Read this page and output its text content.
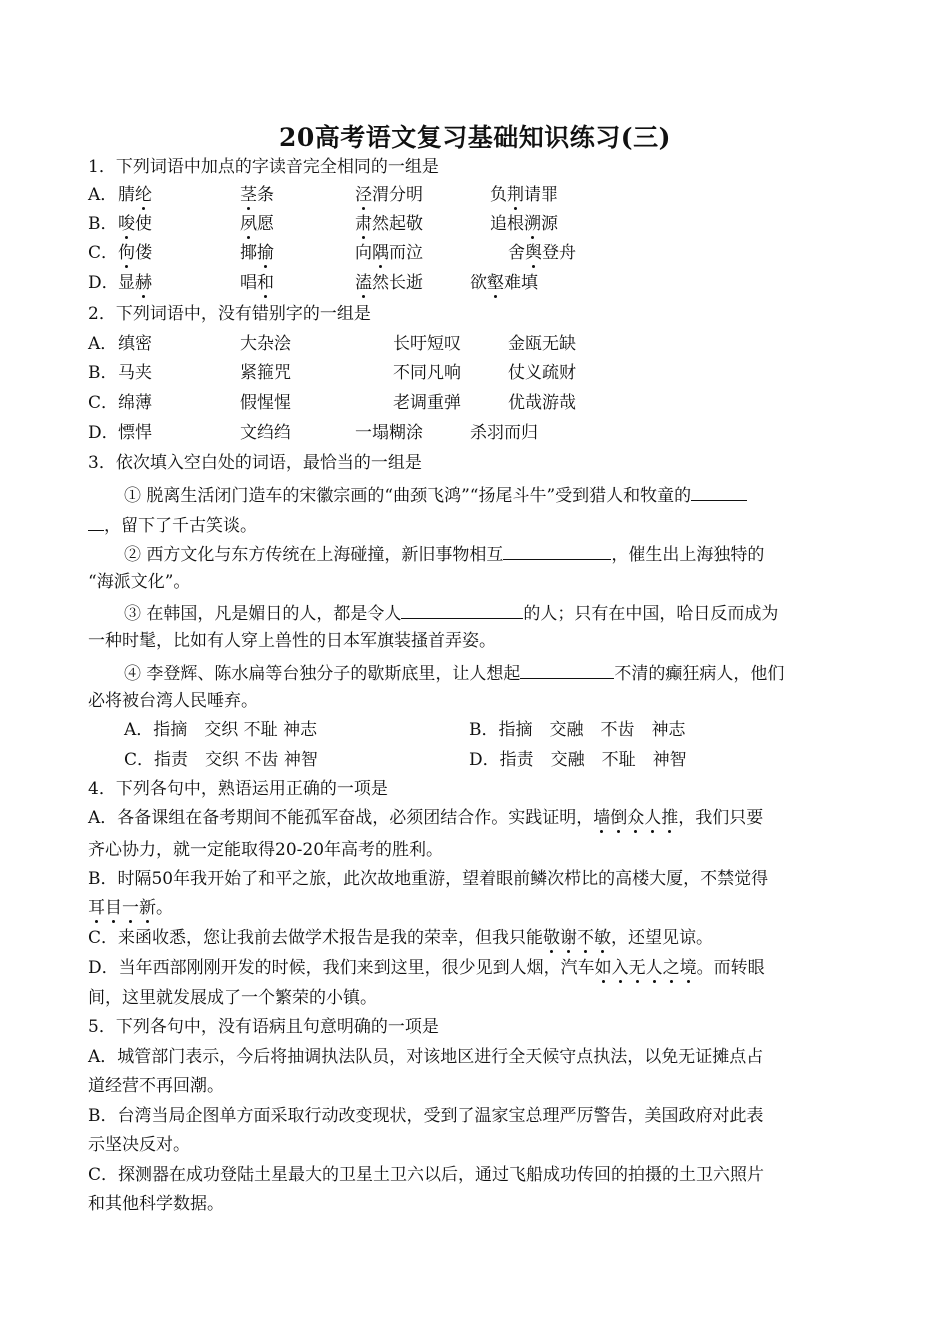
20高考语文复习基础知识练习(三)
1．下列词语中加点的字读音完全相同的一组是
A． 腈纶	茎条	泾渭分明	负荆请罪
B． 唆使	夙愿	肃然起敬	追根溯源
C． 佝偻	揶揄	向隅而泣	舍舆登舟
D． 显赫	唱和	溘然长逝	欲壑难填
2．下列词语中，没有错别字的一组是
A． 缜密	大杂浍	长吁短叹	金瓯无缺
B． 马夹	紧箍咒	不同凡响	仗义疏财
C． 绵薄	假惺惺	老调重弹	优哉游哉
D． 慓悍	文绉绉	一塌糊涂	杀羽而归
3．依次填入空白处的词语，最恰当的一组是
① 脱离生活闭门造车的宋徽宗画的“曲颈飞鸿”“扬尾斗牛”受到猎人和牧童的
，留下了千古笑谈。
② 西方文化与东方传统在上海碰撞，新旧事物相互	，催生出上海独特的
“海派文化”。
③ 在韩国，凡是媚日的人，都是令人	的人；只有在中国，哈日反而成为
一种时髦，比如有人穿上兽性的日本军旗装搔首弄姿。
④ 李登辉、陈水扁等台独分子的歇斯底里，让人想起	不清的癫狂病人，他们
必将被台湾人民唾弃。
A．指摘　交织 不耻 神志	B．指摘　交融　不齿　神志
C．指责　交织 不齿 神智	D．指责　交融　不耻　神智
4．下列各句中，熟语运用正确的一项是
A．各备课组在备考期间不能孤军奋战，必须团结合作。实践证明，墙倒众人推，我们只要
齐心协力，就一定能取得20-20年高考的胜利。
B．时隔50年我开始了和平之旅，此次故地重游，望着眼前鳞次栉比的高楼大厦，不禁觉得
耳目一新。
C．来函收悉，您让我前去做学术报告是我的荣幸，但我只能敬谢不敏，还望见谅。
D．当年西部刚刚开发的时候，我们来到这里，很少见到人烟，汽车如入无人之境。而转眼
间，这里就发展成了一个繁荣的小镇。
5．下列各句中，没有语病且句意明确的一项是
A．城管部门表示，今后将抽调执法队员，对该地区进行全天候守点执法，以免无证摊点占
道经营不再回潮。
B．台湾当局企图单方面采取行动改变现状，受到了温家宝总理严厉警告，美国政府对此表
示坚决反对。
C．探测器在成功登陆土星最大的卫星土卫六以后，通过飞船成功传回的拍摄的土卫六照片
和其他科学数据。
